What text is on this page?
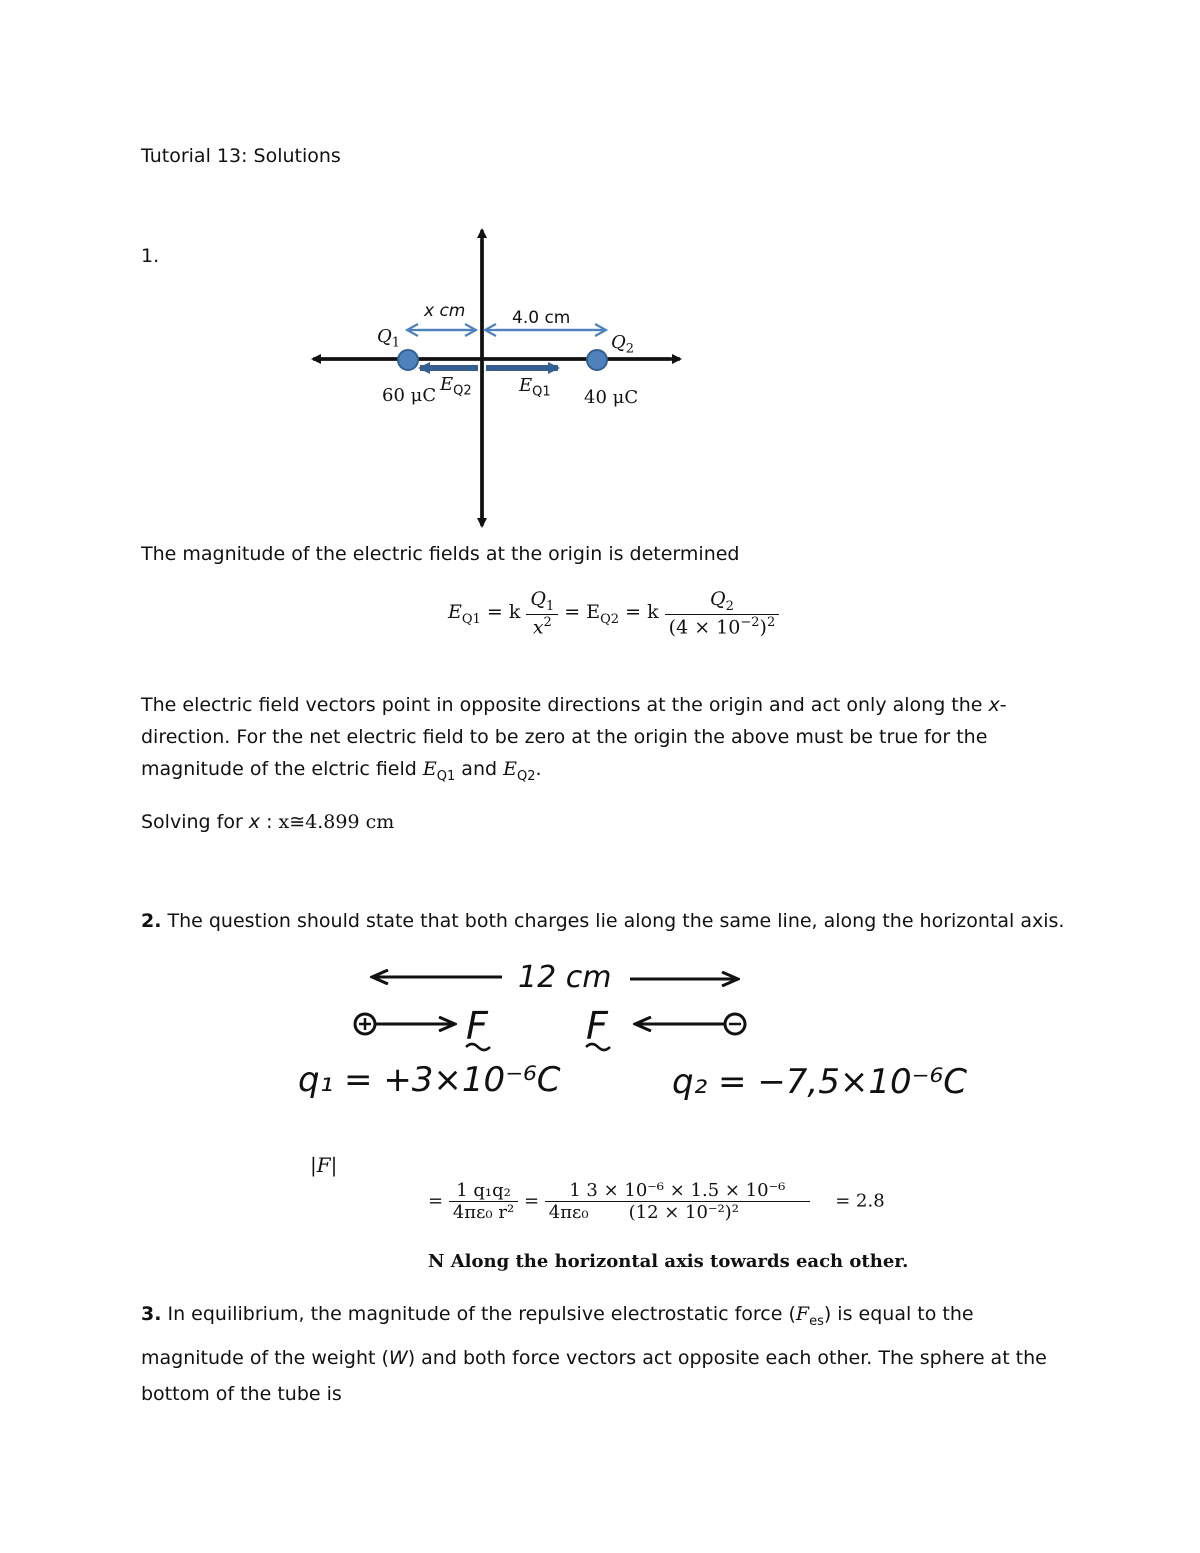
Tutorial 13: Solutions
1.
x cm	4.0 cm
$Q_1$	$Q_2$
60 μC	40 μC
$E_{Q2}$	$E_{Q1}$
The magnitude of the electric fields at the origin is determined
$E_{Q1} = k \frac{Q_1}{x^2} = E_{Q2} = k \frac{Q_2}{(4 \times 10^{-2})^2}$
The electric field vectors point in opposite directions at the origin and act only along the x-direction. For the net electric field to be zero at the origin the above must be true for the magnitude of the elctric field $E_{Q1}$ and $E_{Q2}$.
Solving for x : x≅4.899 cm
2. The question should state that both charges lie along the same line, along the horizontal axis.
12 cm
F	F
q₁ = +3×10⁻⁶C	q₂ = −7,5×10⁻⁶C
|F|
= $\frac{\text{1 q₁q₂}}{\text{4πε₀ r²}} = \frac{\text{1 3 × 10⁻⁶ × 1.5 × 10⁻⁶}}{\text{4πε₀ (12 × 10⁻²)²}} = 2.8$
N Along the horizontal axis towards each other.
3. In equilibrium, the magnitude of the repulsive electrostatic force $(F_{es})$ is equal to the magnitude of the weight (W) and both force vectors act opposite each other. The sphere at the bottom of the tube is
